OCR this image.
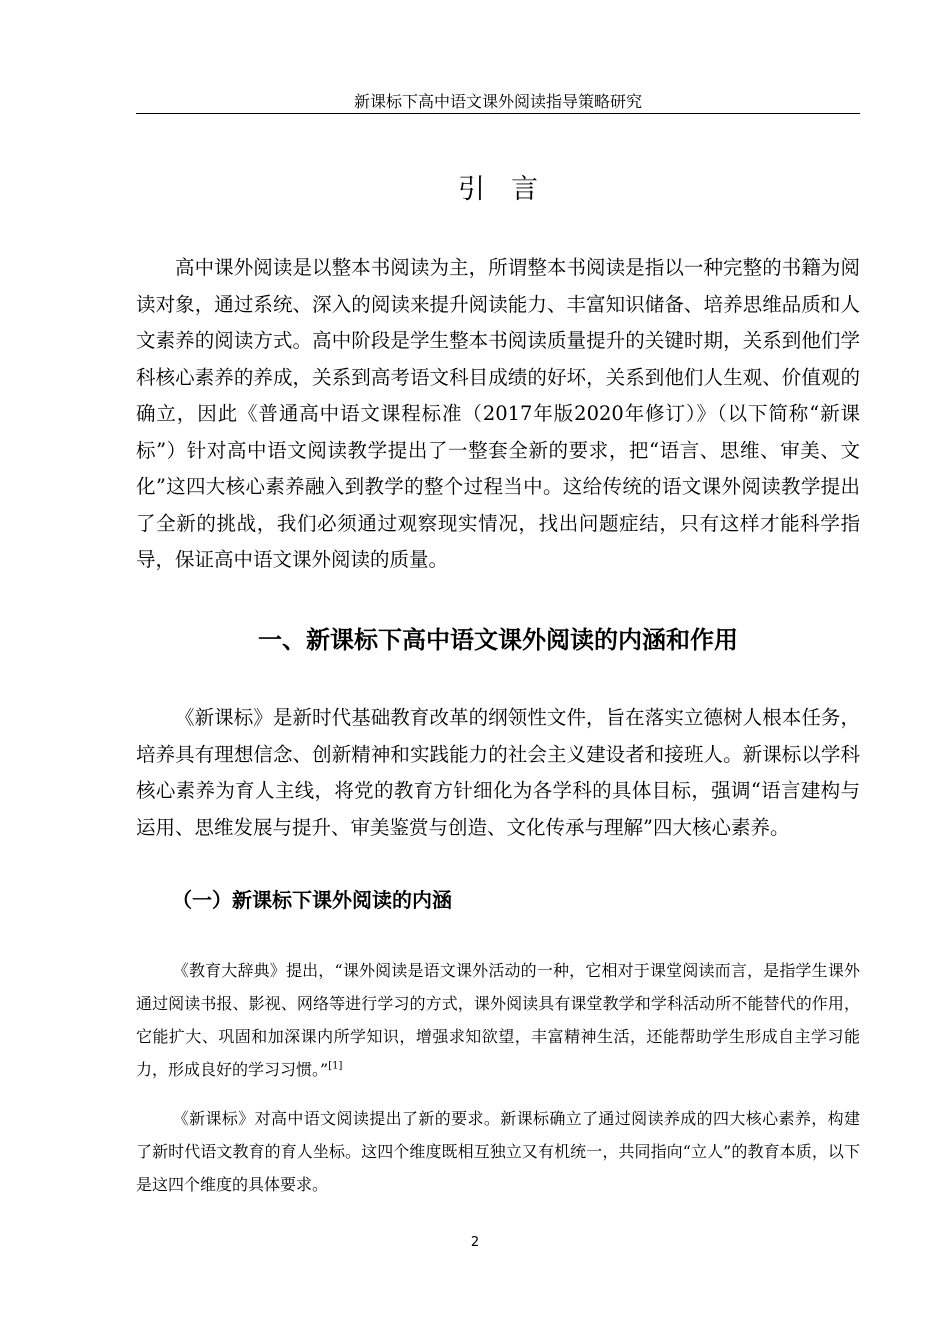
新课标下高中语文课外阅读指导策略研究
引言

高中课外阅读是以整本书阅读为主，所谓整本书阅读是指以一种完整的书籍为阅读对象，通过系统、深入的阅读来提升阅读能力、丰富知识储备、培养思维品质和人文素养的阅读方式。高中阶段是学生整本书阅读质量提升的关键时期，关系到他们学科核心素养的养成，关系到高考语文科目成绩的好坏，关系到他们人生观、价值观的确立，因此《普通高中语文课程标准（2017年版2020年修订）》（以下简称“新课标”）针对高中语文阅读教学提出了一整套全新的要求，把“语言、思维、审美、文化”这四大核心素养融入到教学的整个过程当中。这给传统的语文课外阅读教学提出了全新的挑战，我们必须通过观察现实情况，找出问题症结，只有这样才能科学指导，保证高中语文课外阅读的质量。

一、新课标下高中语文课外阅读的内涵和作用

《新课标》是新时代基础教育改革的纲领性文件，旨在落实立德树人根本任务，培养具有理想信念、创新精神和实践能力的社会主义建设者和接班人。新课标以学科核心素养为育人主线，将党的教育方针细化为各学科的具体目标，强调“语言建构与运用、思维发展与提升、审美鉴赏与创造、文化传承与理解”四大核心素养。

（一）新课标下课外阅读的内涵

《教育大辞典》提出，“课外阅读是语文课外活动的一种，它相对于课堂阅读而言，是指学生课外通过阅读书报、影视、网络等进行学习的方式，课外阅读具有课堂教学和学科活动所不能替代的作用，它能扩大、巩固和加深课内所学知识，增强求知欲望，丰富精神生活，还能帮助学生形成自主学习能力，形成良好的学习习惯。”[1]

《新课标》对高中语文阅读提出了新的要求。新课标确立了通过阅读养成的四大核心素养，构建了新时代语文教育的育人坐标。这四个维度既相互独立又有机统一，共同指向“立人”的教育本质，以下是这四个维度的具体要求。

2
